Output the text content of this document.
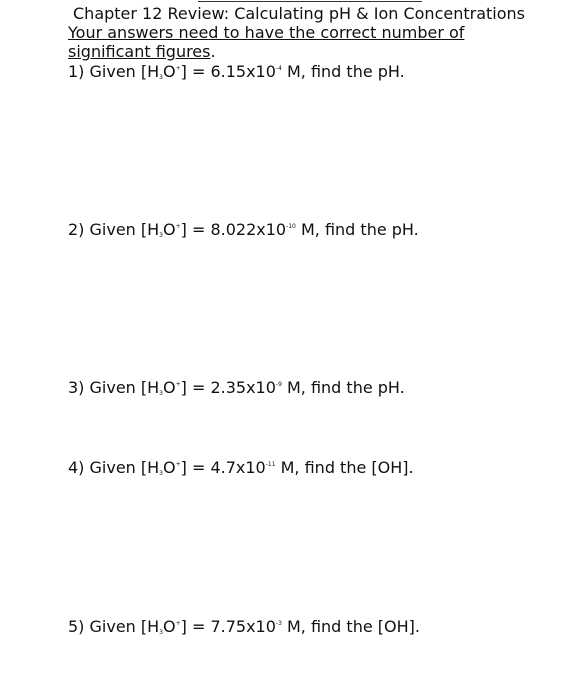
Chapter 12 Review: Calculating pH & Ion Concentrations
Your answers need to have the correct number of
significant figures.
1) Given $[H_3O^+] = 6.15x10^{-4}$ M, find the pH.
2) Given $[H_3O^+] = 8.022x10^{-10}$ M, find the pH.
3) Given $[H_3O^+] = 2.35x10^{-9}$ M, find the pH.
4) Given $[H_3O^+] = 4.7x10^{-11}$ M, find the [OH].
5) Given $[H_3O^+] = 7.75x10^{-3}$ M, find the [OH].
